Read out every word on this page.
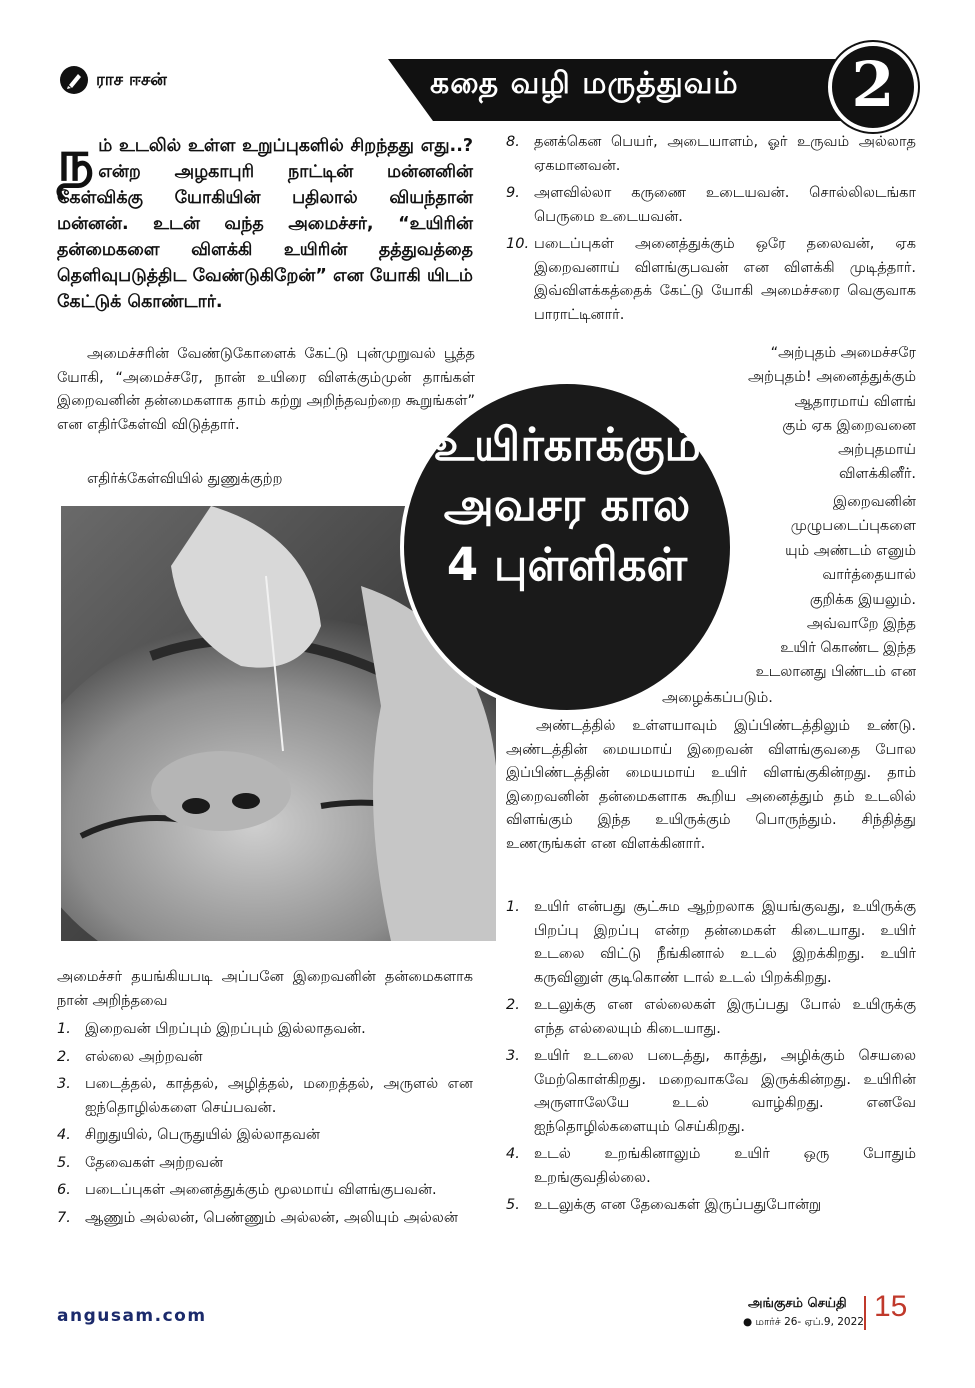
ராச ஈசன்	கதை வழி மருத்துவம்	2
நம் உடலில் உள்ள உறுப்புகளில் சிறந்தது எது..? என்ற அழகாபுரி நாட்டின் மன்னனின் கேள்விக்கு யோகியின் பதிலால் வியந்தான் மன்னன். உடன் வந்த அமைச்சர், “உயிரின் தன்மைகளை விளக்கி உயிரின் தத்துவத்தை தெளிவுபடுத்திட வேண்டுகிறேன்” என யோகி யிடம் கேட்டுக் கொண்டார்.
அமைச்சரின் வேண்டுகோளைக் கேட்டு புன்முறுவல் பூத்த யோகி, “அமைச்சரே, நான் உயிரை விளக்கும்முன் தாங்கள் இறைவனின் தன்மைகளாக தாம் கற்று அறிந்தவற்றை கூறுங்கள்” என எதிர்கேள்வி விடுத்தார்.
எதிர்க்கேள்வியில் துணுக்குற்ற
உயிர்காக்கும்
அவசர கால
4 புள்ளிகள்
8. தனக்கென பெயர், அடையாளம், ஓர் உருவம் அல்லாத ஏகமானவன்.
9. அளவில்லா கருணை உடையவன். சொல்லிலடங்கா பெருமை உடையவன்.
10. படைப்புகள் அனைத்துக்கும் ஒரே தலைவன், ஏக இறைவனாய் விளங்குபவன் என விளக்கி முடித்தார். இவ்விளக்கத்தைக் கேட்டு யோகி அமைச்சரை வெகுவாக பாராட்டினார்.
“அற்புதம் அமைச்சரே
அற்புதம்! அனைத்துக்கும்
ஆதாரமாய் விளங்
கும் ஏக இறைவனை
அற்புதமாய்
விளக்கினீர்.
இறைவனின்
முழுபடைப்புகளை
யும் அண்டம் எனும்
வார்த்தையால்
குறிக்க இயலும்.
அவ்வாறே இந்த
உயிர் கொண்ட இந்த
உடலானது பிண்டம் என
அழைக்கப்படும்.
அண்டத்தில் உள்ளயாவும் இப்பிண்டத்திலும் உண்டு. அண்டத்தின் மையமாய் இறைவன் விளங்குவதை போல இப்பிண்டத்தின் மையமாய் உயிர் விளங்குகின்றது. தாம் இறைவனின் தன்மைகளாக கூறிய அனைத்தும் தம் உடலில் விளங்கும் இந்த உயிருக்கும் பொருந்தும். சிந்தித்து உணருங்கள் என விளக்கினார்.
1. உயிர் என்பது சூட்சும ஆற்றலாக இயங்குவது, உயிருக்கு பிறப்பு இறப்பு என்ற தன்மைகள் கிடையாது. உயிர் உடலை விட்டு நீங்கினால் உடல் இறக்கிறது. உயிர் கருவினுள் குடிகொண் டால் உடல் பிறக்கிறது.
2. உடலுக்கு என எல்லைகள் இருப்பது போல் உயிருக்கு எந்த எல்லையும் கிடையாது.
3. உயிர் உடலை படைத்து, காத்து, அழிக்கும் செயலை மேற்கொள்கிறது. மறைவாகவே இருக்கின்றது. உயிரின் அருளாலேயே உடல் வாழ்கிறது. எனவே ஐந்தொழில்களையும் செய்கிறது.
4. உடல் உறங்கினாலும் உயிர் ஒரு போதும் உறங்குவதில்லை.
5. உடலுக்கு என தேவைகள் இருப்பதுபோன்று
அமைச்சர் தயங்கியபடி அப்பனே இறைவனின் தன்மைகளாக நான் அறிந்தவை
1. இறைவன் பிறப்பும் இறப்பும் இல்லாதவன்.
2. எல்லை அற்றவன்
3. படைத்தல், காத்தல், அழித்தல், மறைத்தல், அருளல் என ஐந்தொழில்களை செய்பவன்.
4. சிறுதுயில், பெருதுயில் இல்லாதவன்
5. தேவைகள் அற்றவன்
6. படைப்புகள் அனைத்துக்கும் மூலமாய் விளங்குபவன்.
7. ஆணும் அல்லன், பெண்ணும் அல்லன், அலியும் அல்லன்
angusam.com
அங்குசம் செய்தி
● மார்ச் 26- ஏப்.9, 2022 15
